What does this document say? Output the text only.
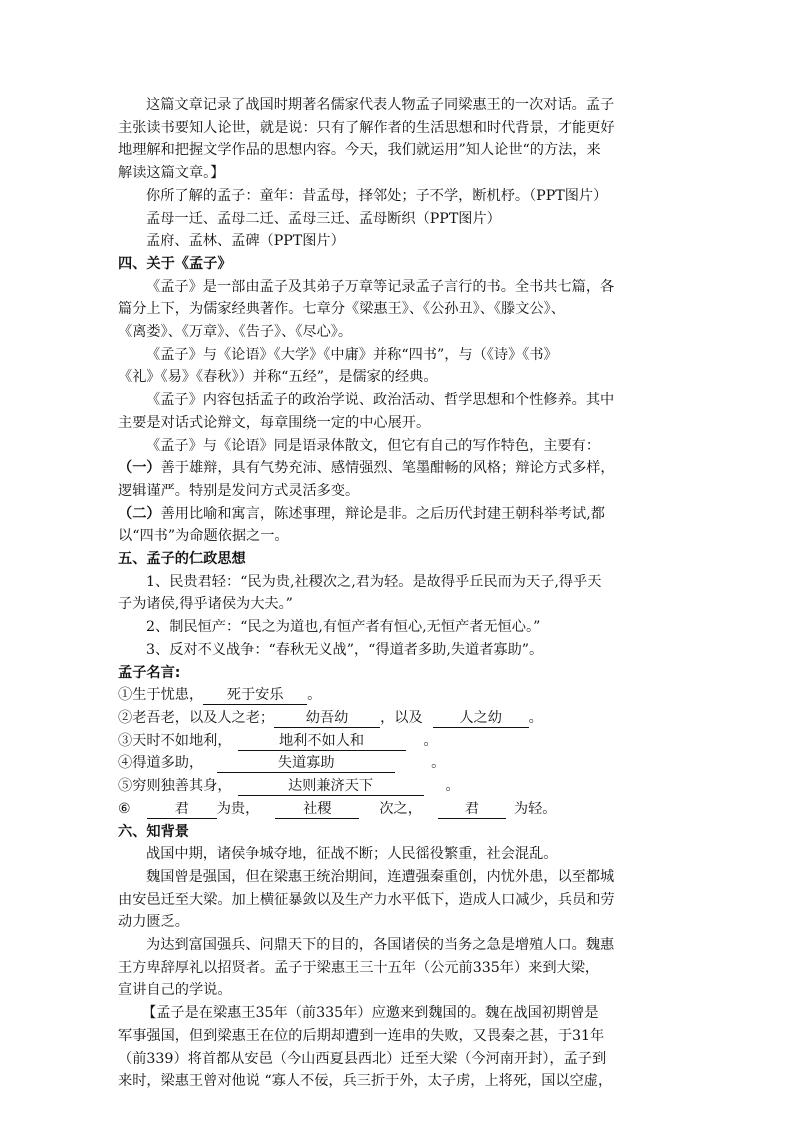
这篇文章记录了战国时期著名儒家代表人物孟子同梁惠王的一次对话。孟子

主张读书要知人论世，就是说：只有了解作者的生活思想和时代背景，才能更好

地理解和把握文学作品的思想内容。今天，我们就运用”知人论世“的方法，来

解读这篇文章。】

你所了解的孟子：童年：昔孟母，择邻处；子不学，断机杼。（PPT图片）

孟母一迁、孟母二迁、孟母三迁、孟母断织（PPT图片）

孟府、孟林、孟碑（PPT图片）

四、关于《孟子》

《孟子》是一部由孟子及其弟子万章等记录孟子言行的书。全书共七篇，各

篇分上下，为儒家经典著作。七章分《梁惠王》、《公孙丑》、《滕文公》、

《离娄》、《万章》、《告子》、《尽心》。

《孟子》与《论语》《大学》《中庸》并称“四书”，与（《诗》《书》

《礼》《易》《春秋》）并称“五经”，是儒家的经典。

《孟子》内容包括孟子的政治学说、政治活动、哲学思想和个性修养。其中

主要是对话式论辩文，每章围绕一定的中心展开。

《孟子》与《论语》同是语录体散文，但它有自己的写作特色，主要有：

（一）善于雄辩，具有气势充沛、感情强烈、笔墨酣畅的风格；辩论方式多样，

逻辑谨严。特别是发问方式灵活多变。

（二）善用比喻和寓言，陈述事理，辩论是非。之后历代封建王朝科举考试,都

以“四书”为命题依据之一。

五、孟子的仁政思想

1、民贵君轻：“民为贵,社稷次之,君为轻。是故得乎丘民而为天子,得乎天

子为诸侯,得乎诸侯为大夫。”

2、制民恒产：“民之为道也,有恒产者有恒心,无恒产者无恒心。”

3、反对不义战争：“春秋无义战”，“得道者多助,失道者寡助”。

孟子名言:

①生于忧患， 死于安乐 。

②老吾老，以及人之老； 幼吾幼 ，以及	人之幼 。

③天时不如地利，	地利不如人和	。

④得道多助，	失道寡助	。

⑤穷则独善其身，	达则兼济天下	。

⑥	君 为贵，	社稷	次之，	君 为轻。

六、知背景

战国中期，诸侯争城夺地，征战不断；人民徭役繁重，社会混乱。

魏国曾是强国，但在梁惠王统治期间，连遭强秦重创，内忧外患，以至都城

由安邑迁至大梁。加上横征暴敛以及生产力水平低下，造成人口减少，兵员和劳

动力匮乏。

为达到富国强兵、问鼎天下的目的，各国诸侯的当务之急是增殖人口。魏惠

王方卑辞厚礼以招贤者。孟子于梁惠王三十五年（公元前335年）来到大梁，

宣讲自己的学说。

【孟子是在梁惠王35年（前335年）应邀来到魏国的。魏在战国初期曾是

军事强国，但到梁惠王在位的后期却遭到一连串的失败，又畏秦之甚，于31年

（前339）将首都从安邑（今山西夏县西北）迁至大梁（今河南开封），孟子到

来时，梁惠王曾对他说 “寡人不佞，兵三折于外，太子虏，上将死，国以空虚，
